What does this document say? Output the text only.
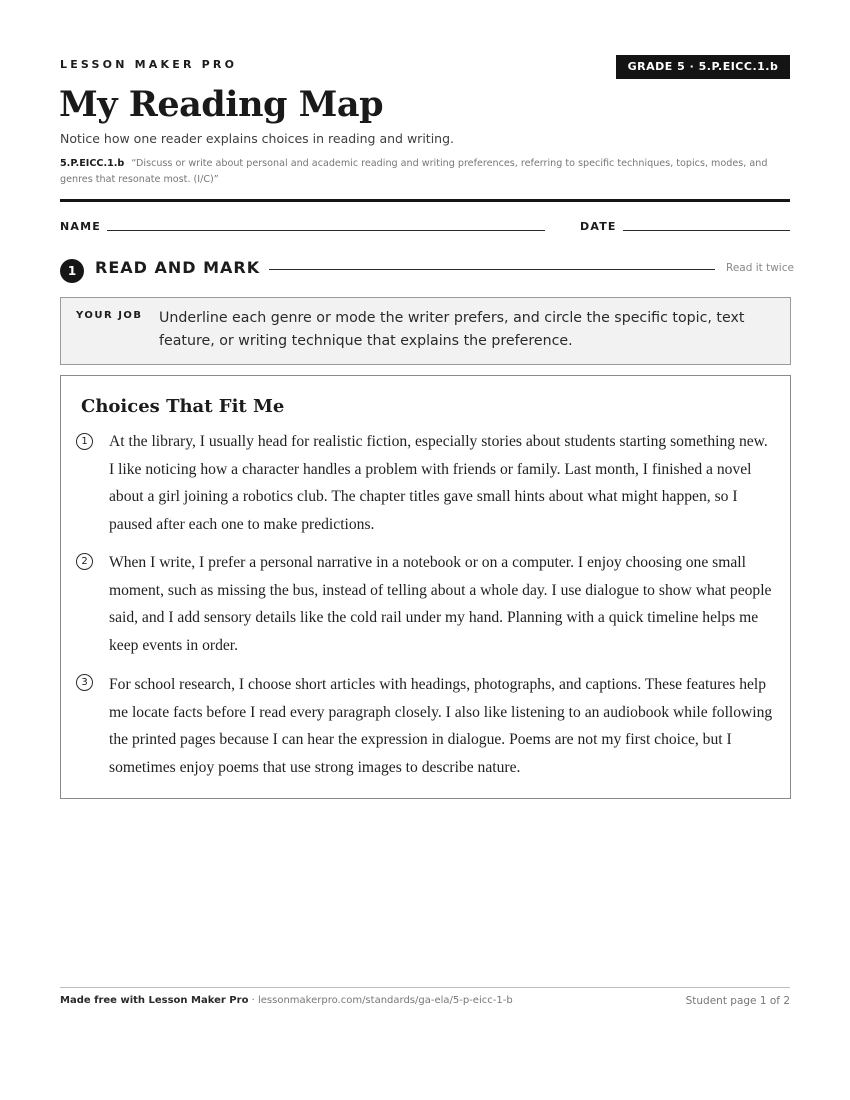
LESSON MAKER PRO	GRADE 5 · 5.P.EICC.1.b
My Reading Map
Notice how one reader explains choices in reading and writing.
5.P.EICC.1.b “Discuss or write about personal and academic reading and writing preferences, referring to specific techniques, topics, modes, and genres that resonate most. (I/C)”
NAME	DATE
1	READ AND MARK	Read it twice
YOUR JOB Underline each genre or mode the writer prefers, and circle the specific topic, text feature, or writing technique that explains the preference.
Choices That Fit Me
1	At the library, I usually head for realistic fiction, especially stories about students starting something new. I like noticing how a character handles a problem with friends or family. Last month, I finished a novel about a girl joining a robotics club. The chapter titles gave small hints about what might happen, so I paused after each one to make predictions.

2	When I write, I prefer a personal narrative in a notebook or on a computer. I enjoy choosing one small moment, such as missing the bus, instead of telling about a whole day. I use dialogue to show what people said, and I add sensory details like the cold rail under my hand. Planning with a quick timeline helps me keep events in order.

3	For school research, I choose short articles with headings, photographs, and captions. These features help me locate facts before I read every paragraph closely. I also like listening to an audiobook while following the printed pages because I can hear the expression in dialogue. Poems are not my first choice, but I sometimes enjoy poems that use strong images to describe nature.

Made free with Lesson Maker Pro · lessonmakerpro.com/standards/ga-ela/5-p-eicc-1-b	Student page 1 of 2
